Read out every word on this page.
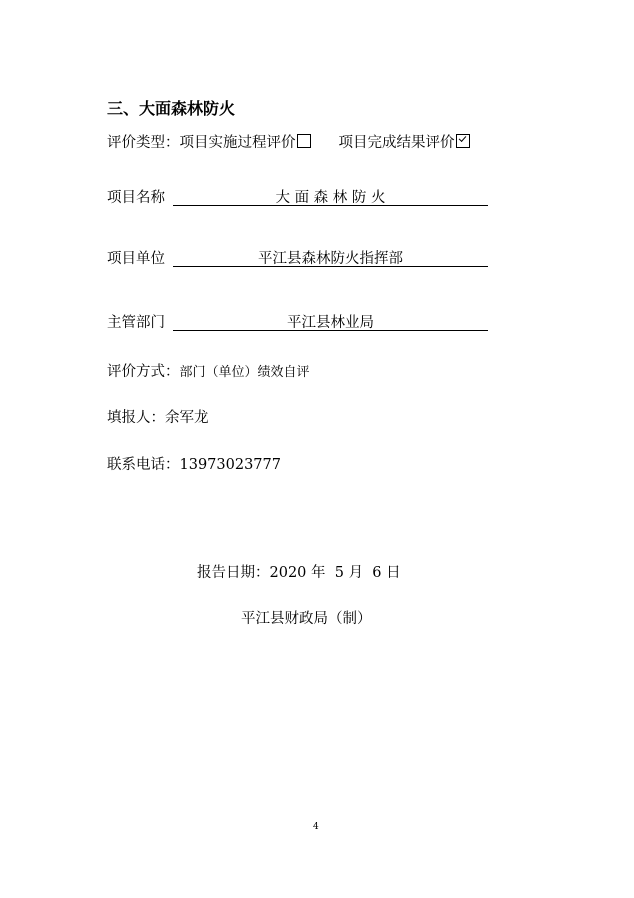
三、大面森林防火
评价类型：项目实施过程评价	项目完成结果评价
项目名称	大 面 森 林 防 火
项目单位	平江县森林防火指挥部
主管部门	平江县林业局
评价方式：部门（单位）绩效自评
填报人：余军龙
联系电话：13973023777
报告日期：2020 年  5 月  6 日
平江县财政局（制）
4
